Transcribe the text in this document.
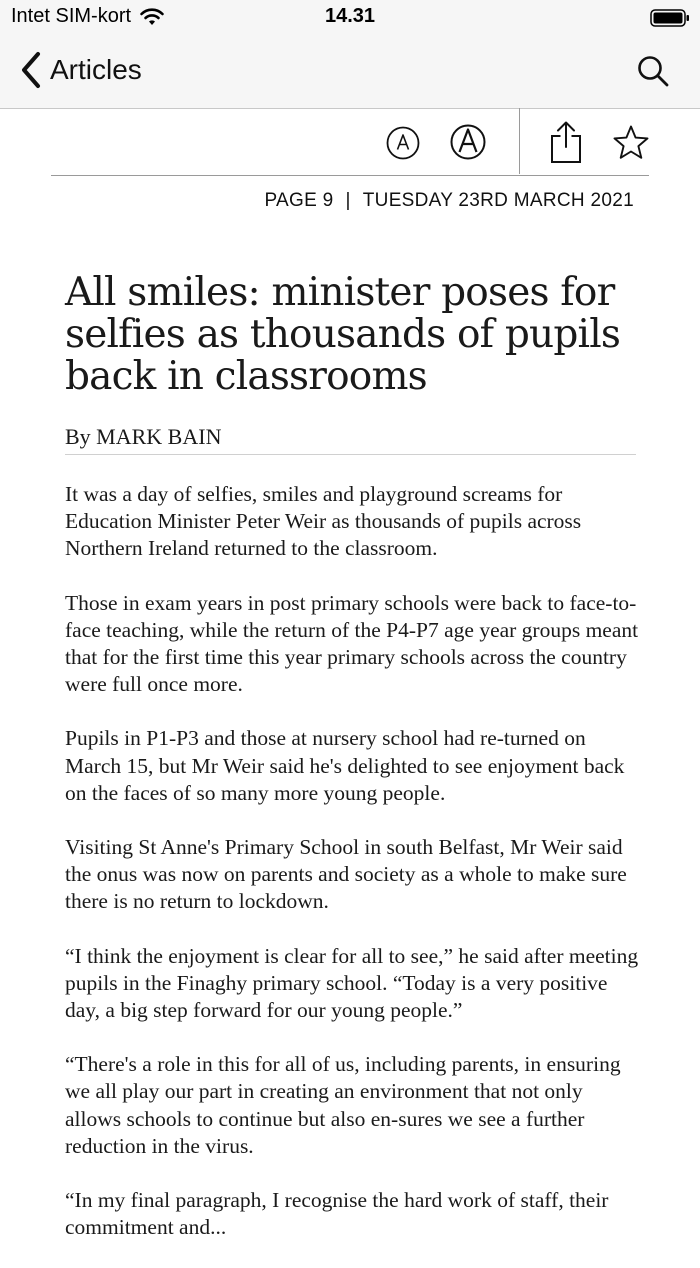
Intet SIM-kort	14.31
Articles
PAGE 9 | TUESDAY 23RD MARCH 2021
All smiles: minister poses for selfies as thousands of pupils back in classrooms
By MARK BAIN

It was a day of selfies, smiles and playground screams for Education Minister Peter Weir as thousands of pupils across Northern Ireland returned to the classroom.

Those in exam years in post primary schools were back to face-to-face teaching, while the return of the P4-P7 age year groups meant that for the first time this year primary schools across the country were full once more.

Pupils in P1-P3 and those at nursery school had re-turned on March 15, but Mr Weir said he's delighted to see enjoyment back on the faces of so many more young people.

Visiting St Anne's Primary School in south Belfast, Mr Weir said the onus was now on parents and society as a whole to make sure there is no return to lockdown.

“I think the enjoyment is clear for all to see,” he said after meeting pupils in the Finaghy primary school. “Today is a very positive day, a big step forward for our young people.”

“There's a role in this for all of us, including parents, in ensuring we all play our part in creating an environment that not only allows schools to continue but also en-sures we see a further reduction in the virus.

“In my final paragraph, I recognise the hard work of staff, their commitment and...
